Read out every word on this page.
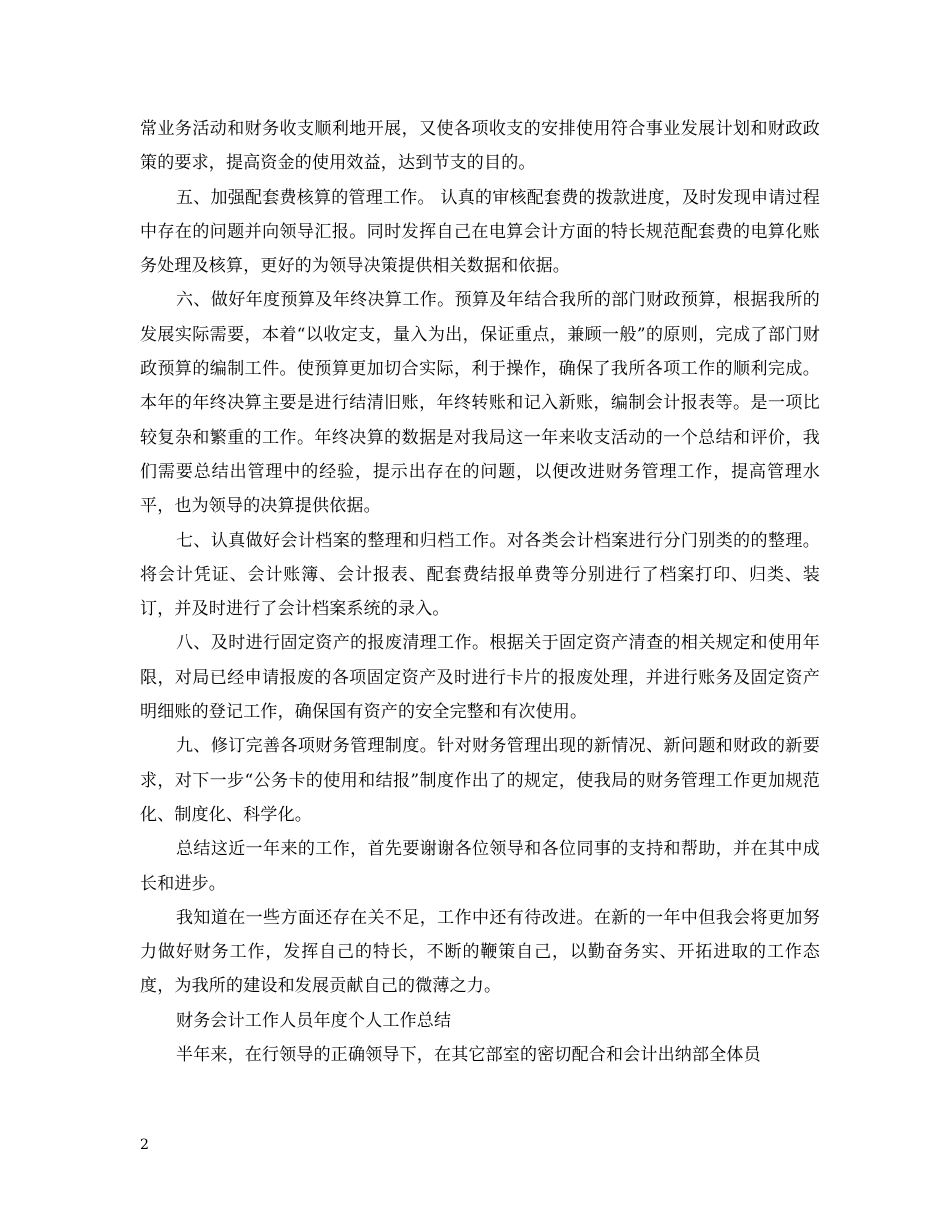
常业务活动和财务收支顺利地开展，又使各项收支的安排使用符合事业发展计划和财政政策的要求，提高资金的使用效益，达到节支的目的。

五、加强配套费核算的管理工作。 认真的审核配套费的拨款进度，及时发现申请过程中存在的问题并向领导汇报。同时发挥自己在电算会计方面的特长规范配套费的电算化账务处理及核算，更好的为领导决策提供相关数据和依据。

六、做好年度预算及年终决算工作。预算及年结合我所的部门财政预算，根据我所的发展实际需要，本着“以收定支，量入为出，保证重点，兼顾一般”的原则，完成了部门财政预算的编制工件。使预算更加切合实际，利于操作，确保了我所各项工作的顺利完成。本年的年终决算主要是进行结清旧账，年终转账和记入新账，编制会计报表等。是一项比较复杂和繁重的工作。年终决算的数据是对我局这一年来收支活动的一个总结和评价，我们需要总结出管理中的经验，提示出存在的问题，以便改进财务管理工作，提高管理水平，也为领导的决算提供依据。

七、认真做好会计档案的整理和归档工作。对各类会计档案进行分门别类的的整理。将会计凭证、会计账簿、会计报表、配套费结报单费等分别进行了档案打印、归类、装订，并及时进行了会计档案系统的录入。

八、及时进行固定资产的报废清理工作。根据关于固定资产清查的相关规定和使用年限，对局已经申请报废的各项固定资产及时进行卡片的报废处理，并进行账务及固定资产明细账的登记工作，确保国有资产的安全完整和有次使用。

九、修订完善各项财务管理制度。针对财务管理出现的新情况、新问题和财政的新要求，对下一步“公务卡的使用和结报”制度作出了的规定，使我局的财务管理工作更加规范化、制度化、科学化。

总结这近一年来的工作，首先要谢谢各位领导和各位同事的支持和帮助，并在其中成长和进步。

我知道在一些方面还存在关不足，工作中还有待改进。在新的一年中但我会将更加努力做好财务工作，发挥自己的特长，不断的鞭策自己，以勤奋务实、开拓进取的工作态度，为我所的建设和发展贡献自己的微薄之力。

财务会计工作人员年度个人工作总结

半年来，在行领导的正确领导下，在其它部室的密切配合和会计出纳部全体员

2
